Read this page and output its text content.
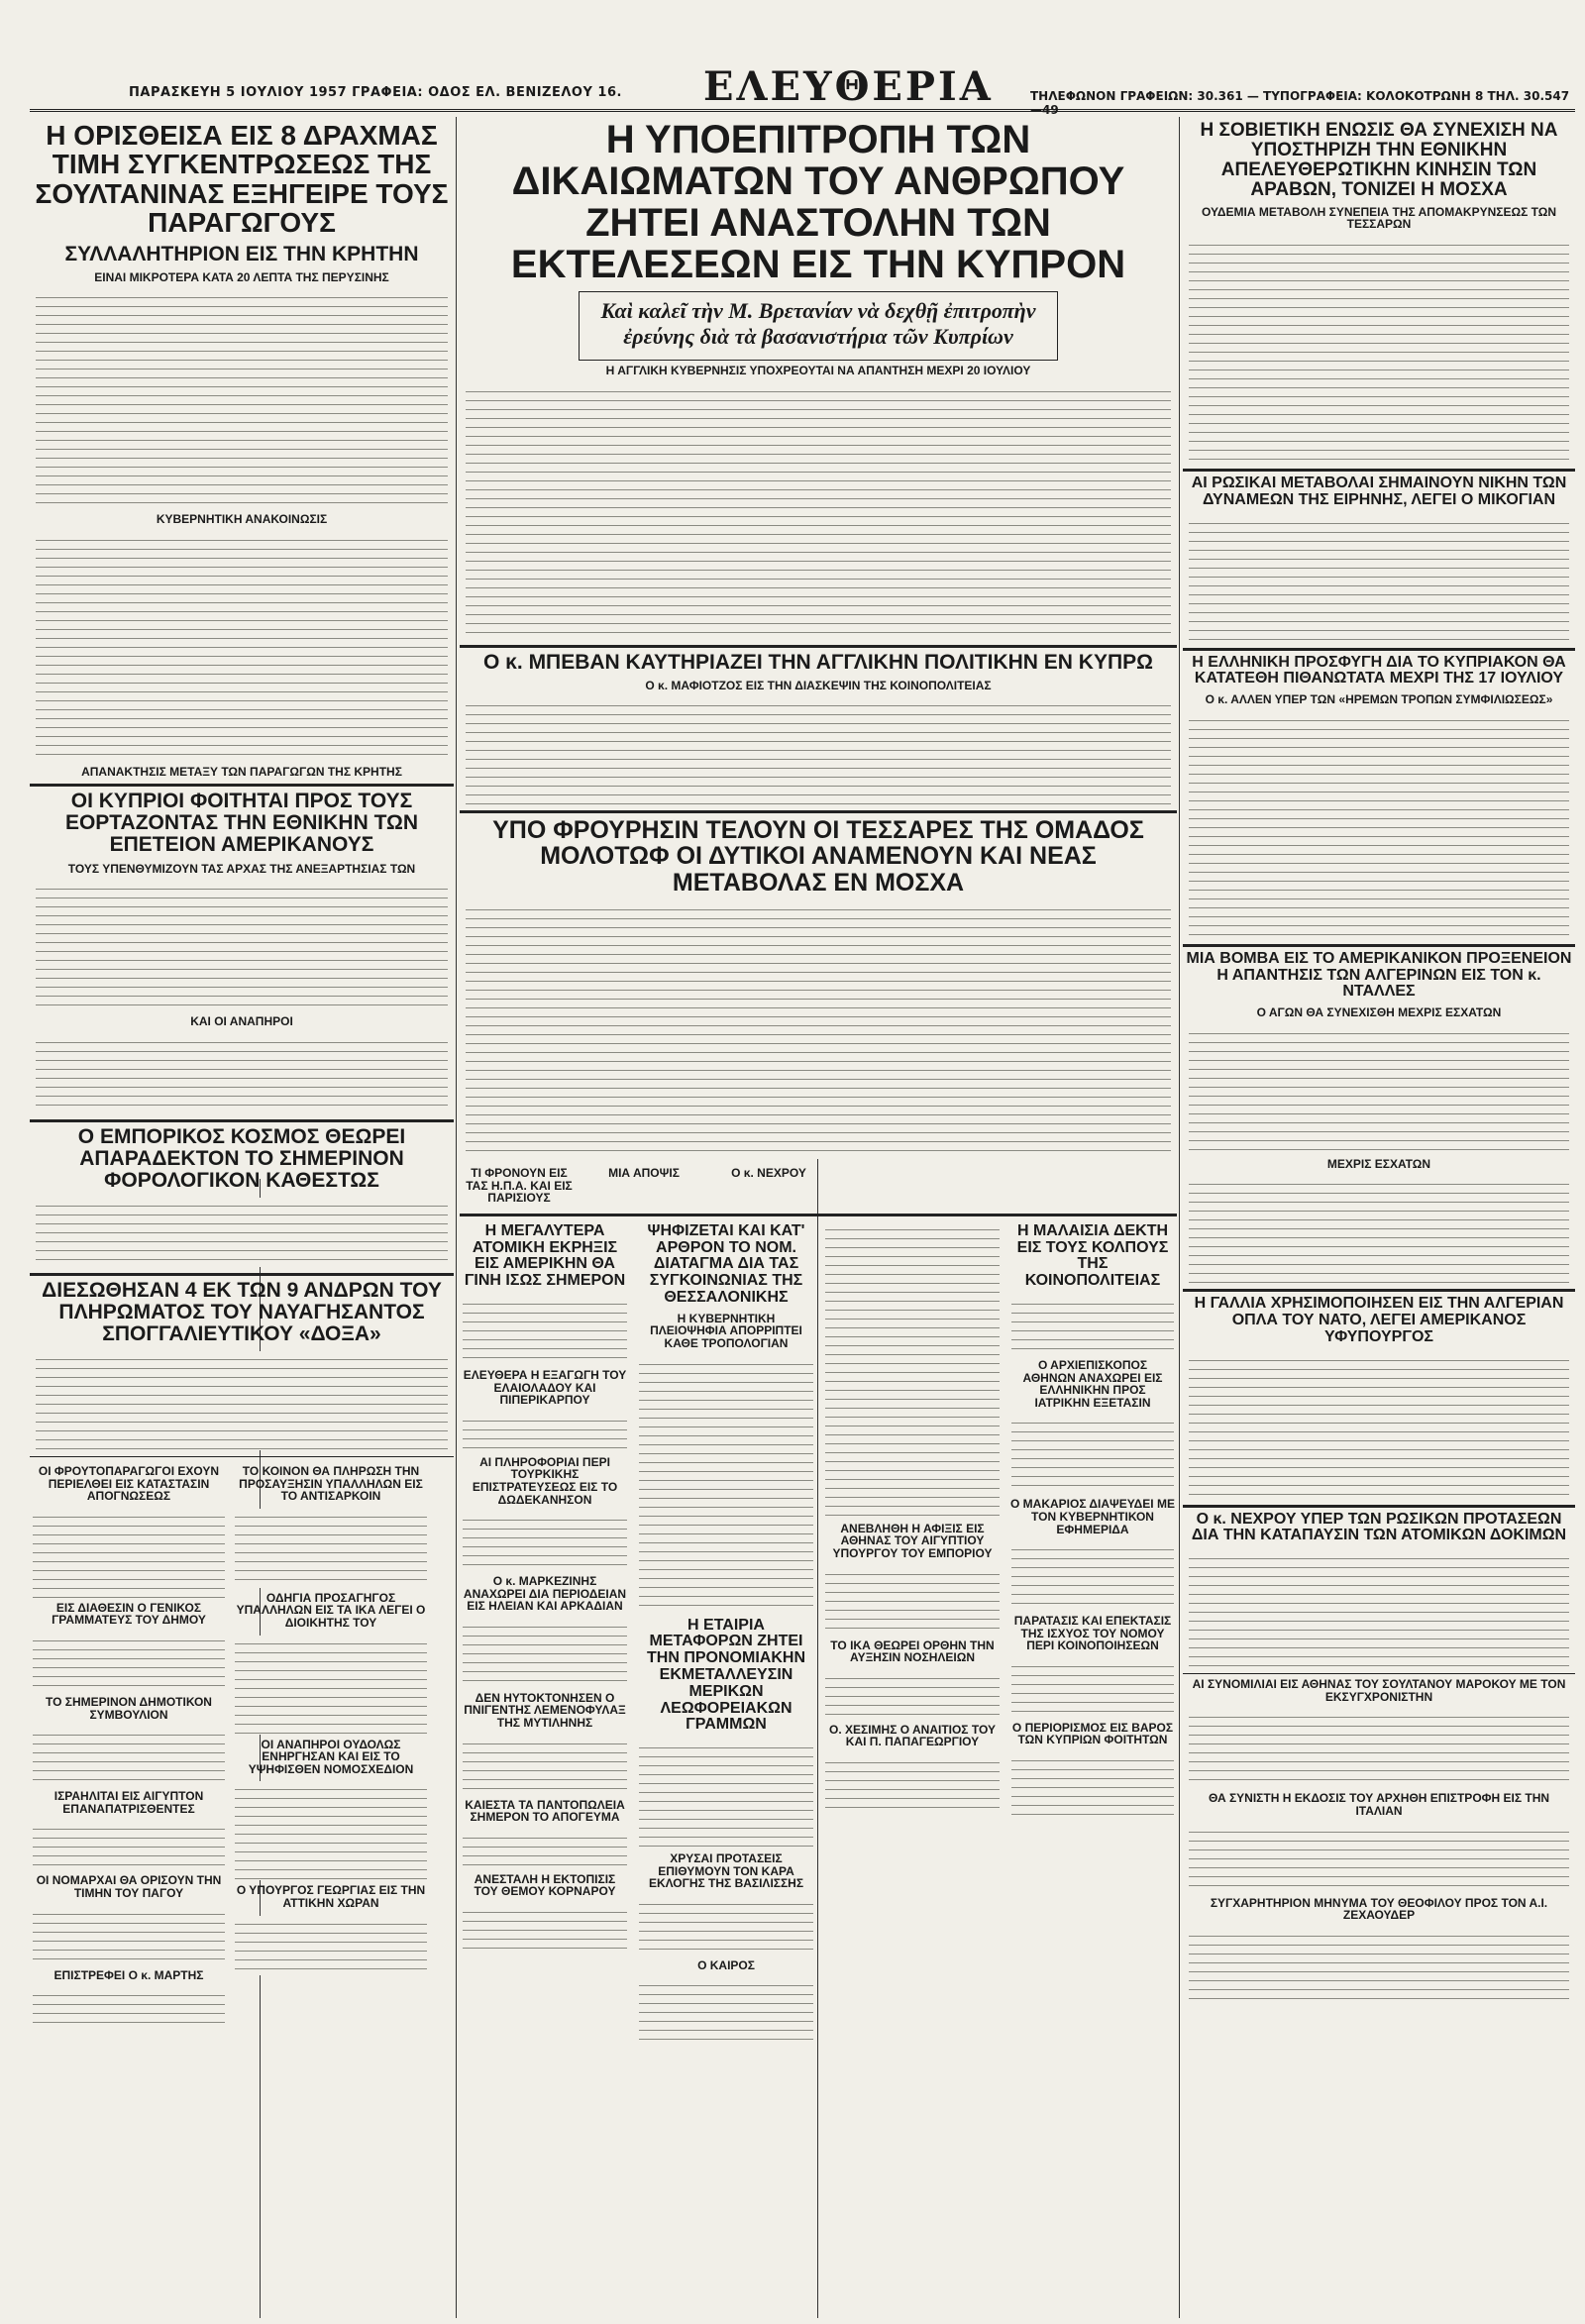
ΠΑΡΑΣΚΕΥΗ 5 ΙΟΥΛΙΟΥ 1957 ΓΡΑΦΕΙΑ: ΟΔΟΣ ΕΛ. ΒΕΝΙΖΕΛΟΥ 16. ΕΛΕΥΘΕΡΙΑ	ΤΗΛΕΦΩΝΟΝ ΓΡΑΦΕΙΩΝ: 30.361 — ΤΥΠΟΓΡΑΦΕΙΑ: ΚΟΛΟΚΟΤΡΩΝΗ 8 ΤΗΛ. 30.547—49
Η ΟΡΙΣΘΕΙΣΑ ΕΙΣ 8 ΔΡΑΧΜΑΣ ΤΙΜΗ ΣΥΓΚΕΝΤΡΩΣΕΩΣ ΤΗΣ ΣΟΥΛΤΑΝΙΝΑΣ ΕΞΗΓΕΙΡΕ ΤΟΥΣ ΠΑΡΑΓΩΓΟΥΣ
ΣΥΛΛΑΛΗΤΗΡΙΟΝ ΕΙΣ ΤΗΝ ΚΡΗΤΗΝ
ΕΙΝΑΙ ΜΙΚΡΟΤΕΡΑ ΚΑΤΑ 20 ΛΕΠΤΑ ΤΗΣ ΠΕΡΥΣΙΝΗΣ
ΚΥΒΕΡΝΗΤΙΚΗ ΑΝΑΚΟΙΝΩΣΙΣ
ΑΠΑΝΑΚΤΗΣΙΣ ΜΕΤΑΞΥ ΤΩΝ ΠΑΡΑΓΩΓΩΝ ΤΗΣ ΚΡΗΤΗΣ
ΟΙ ΚΥΠΡΙΟΙ ΦΟΙΤΗΤΑΙ ΠΡΟΣ ΤΟΥΣ ΕΟΡΤΑΖΟΝΤΑΣ ΤΗΝ ΕΘΝΙΚΗΝ ΤΩΝ ΕΠΕΤΕΙΟΝ ΑΜΕΡΙΚΑΝΟΥΣ
ΤΟΥΣ ΥΠΕΝΘΥΜΙΖΟΥΝ ΤΑΣ ΑΡΧΑΣ ΤΗΣ ΑΝΕΞΑΡΤΗΣΙΑΣ ΤΩΝ
ΚΑΙ ΟΙ ΑΝΑΠΗΡΟΙ
Ο ΕΜΠΟΡΙΚΟΣ ΚΟΣΜΟΣ ΘΕΩΡΕΙ ΑΠΑΡΑΔΕΚΤΟΝ ΤΟ ΣΗΜΕΡΙΝΟΝ ΦΟΡΟΛΟΓΙΚΟΝ ΚΑΘΕΣΤΩΣ
ΔΙΕΣΩΘΗΣΑΝ 4 ΕΚ ΤΩΝ 9 ΑΝΔΡΩΝ ΤΟΥ ΠΛΗΡΩΜΑΤΟΣ ΤΟΥ ΝΑΥΑΓΗΣΑΝΤΟΣ ΣΠΟΓΓΑΛΙΕΥΤΙΚΟΥ «ΔΟΞΑ»
ΟΙ ΦΡΟΥΤΟΠΑΡΑΓΩΓΟΙ ΕΧΟΥΝ ΠΕΡΙΕΛΘΕΙ ΕΙΣ ΚΑΤΑΣΤΑΣΙΝ ΑΠΟΓΝΩΣΕΩΣ
ΕΙΣ ΔΙΑΘΕΣΙΝ Ο ΓΕΝΙΚΟΣ ΓΡΑΜΜΑΤΕΥΣ ΤΟΥ ΔΗΜΟΥ
ΤΟ ΣΗΜΕΡΙΝΟΝ ΔΗΜΟΤΙΚΟΝ ΣΥΜΒΟΥΛΙΟΝ
ΙΣΡΑΗΛΙΤΑΙ ΕΙΣ ΑΙΓΥΠΤΟΝ ΕΠΑΝΑΠΑΤΡΙΣΘΕΝΤΕΣ
ΟΙ ΝΟΜΑΡΧΑΙ ΘΑ ΟΡΙΣΟΥΝ ΤΗΝ ΤΙΜΗΝ ΤΟΥ ΠΑΓΟΥ
ΕΠΙΣΤΡΕΦΕΙ Ο κ. ΜΑΡΤΗΣ
ΤΟ ΚΟΙΝΟΝ ΘΑ ΠΛΗΡΩΣΗ ΤΗΝ ΠΡΟΣΑΥΞΗΣΙΝ ΥΠΑΛΛΗΛΩΝ ΕΙΣ ΤΟ ΑΝΤΙΣΑΡΚΟΙΝ
ΟΔΗΓΙΑ ΠΡΟΣΑΓΗΓΟΣ ΥΠΑΛΛΗΛΩΝ ΕΙΣ ΤΑ ΙΚΑ ΛΕΓΕΙ Ο ΔΙΟΙΚΗΤΗΣ ΤΟΥ
ΟΙ ΑΝΑΠΗΡΟΙ ΟΥΔΟΛΩΣ ΕΝΗΡΓΗΣΑΝ ΚΑΙ ΕΙΣ ΤΟ ΥΨΗΦΙΣΘΕΝ ΝΟΜΟΣΧΕΔΙΟΝ
Ο ΥΠΟΥΡΓΟΣ ΓΕΩΡΓΙΑΣ ΕΙΣ ΤΗΝ ΑΤΤΙΚΗΝ ΧΩΡΑΝ
Η ΥΠΟΕΠΙΤΡΟΠΗ ΤΩΝ ΔΙΚΑΙΩΜΑΤΩΝ ΤΟΥ ΑΝΘΡΩΠΟΥ ΖΗΤΕΙ ΑΝΑΣΤΟΛΗΝ ΤΩΝ ΕΚΤΕΛΕΣΕΩΝ ΕΙΣ ΤΗΝ ΚΥΠΡΟΝ
Καὶ καλεῖ τὴν Μ. Βρετανίαν νὰ δεχθῇ ἐπιτροπὴν ἐρεύνης διὰ τὰ βασανιστήρια τῶν Κυπρίων
Η ΑΓΓΛΙΚΗ ΚΥΒΕΡΝΗΣΙΣ ΥΠΟΧΡΕΟΥΤΑΙ ΝΑ ΑΠΑΝΤΗΣΗ ΜΕΧΡΙ 20 ΙΟΥΛΙΟΥ
Ο κ. ΜΠΕΒΑΝ ΚΑΥΤΗΡΙΑΖΕΙ ΤΗΝ ΑΓΓΛΙΚΗΝ ΠΟΛΙΤΙΚΗΝ ΕΝ ΚΥΠΡΩ
Ο κ. ΜΑΦΙΟΤΖΟΣ ΕΙΣ ΤΗΝ ΔΙΑΣΚΕΨΙΝ ΤΗΣ ΚΟΙΝΟΠΟΛΙΤΕΙΑΣ
ΥΠΟ ΦΡΟΥΡΗΣΙΝ ΤΕΛΟΥΝ ΟΙ ΤΕΣΣΑΡΕΣ ΤΗΣ ΟΜΑΔΟΣ ΜΟΛΟΤΩΦ ΟΙ ΔΥΤΙΚΟΙ ΑΝΑΜΕΝΟΥΝ ΚΑΙ ΝΕΑΣ ΜΕΤΑΒΟΛΑΣ ΕΝ ΜΟΣΧΑ
ΤΙ ΦΡΟΝΟΥΝ ΕΙΣ ΤΑΣ Η.Π.Α. ΚΑΙ ΕΙΣ ΠΑΡΙΣΙΟΥΣ
ΜΙΑ ΑΠΟΨΙΣ	Ο κ. ΝΕΧΡΟΥ
Η ΜΕΓΑΛΥΤΕΡΑ ΑΤΟΜΙΚΗ ΕΚΡΗΞΙΣ ΕΙΣ ΑΜΕΡΙΚΗΝ ΘΑ ΓΙΝΗ ΙΣΩΣ ΣΗΜΕΡΟΝ
ΕΛΕΥΘΕΡΑ Η ΕΞΑΓΩΓΗ ΤΟΥ ΕΛΑΙΟΛΑΔΟΥ ΚΑΙ ΠΙΠΕΡΙΚΑΡΠΟΥ
ΑΙ ΠΛΗΡΟΦΟΡΙΑΙ ΠΕΡΙ ΤΟΥΡΚΙΚΗΣ ΕΠΙΣΤΡΑΤΕΥΣΕΩΣ ΕΙΣ ΤΟ ΔΩΔΕΚΑΝΗΣΟΝ
Ο κ. ΜΑΡΚΕΖΙΝΗΣ ΑΝΑΧΩΡΕΙ ΔΙΑ ΠΕΡΙΟΔΕΙΑΝ ΕΙΣ ΗΛΕΙΑΝ ΚΑΙ ΑΡΚΑΔΙΑΝ
ΔΕΝ ΗΥΤΟΚΤΟΝΗΣΕΝ Ο ΠΝΙΓΕΝΤΗΣ ΛΕΜΕΝΟΦΥΛΑΞ ΤΗΣ ΜΥΤΙΛΗΝΗΣ
ΚΑΙΕΣΤΑ ΤΑ ΠΑΝΤΟΠΩΛΕΙΑ ΣΗΜΕΡΟΝ ΤΟ ΑΠΟΓΕΥΜΑ
ΑΝΕΣΤΑΛΗ Η ΕΚΤΟΠΙΣΙΣ ΤΟΥ ΘΕΜΟΥ ΚΟΡΝΑΡΟΥ
ΨΗΦΙΖΕΤΑΙ ΚΑΙ ΚΑΤ' ΑΡΘΡΟΝ ΤΟ ΝΟΜ. ΔΙΑΤΑΓΜΑ ΔΙΑ ΤΑΣ ΣΥΓΚΟΙΝΩΝΙΑΣ ΤΗΣ ΘΕΣΣΑΛΟΝΙΚΗΣ
Η ΚΥΒΕΡΝΗΤΙΚΗ ΠΛΕΙΟΨΗΦΙΑ ΑΠΟΡΡΙΠΤΕΙ ΚΑΘΕ ΤΡΟΠΟΛΟΓΙΑΝ
Η ΕΤΑΙΡΙΑ ΜΕΤΑΦΟΡΩΝ ΖΗΤΕΙ ΤΗΝ ΠΡΟΝΟΜΙΑΚΗΝ ΕΚΜΕΤΑΛΛΕΥΣΙΝ ΜΕΡΙΚΩΝ ΛΕΩΦΟΡΕΙΑΚΩΝ ΓΡΑΜΜΩΝ
ΧΡΥΣΑΙ ΠΡΟΤΑΣΕΙΣ ΕΠΙΘΥΜΟΥΝ ΤΟΝ ΚΑΡΑ ΕΚΛΟΓΗΣ ΤΗΣ ΒΑΣΙΛΙΣΣΗΣ
Ο ΚΑΙΡΟΣ
ΑΝΕΒΛΗΘΗ Η ΑΦΙΞΙΣ ΕΙΣ ΑΘΗΝΑΣ ΤΟΥ ΑΙΓΥΠΤΙΟΥ ΥΠΟΥΡΓΟΥ ΤΟΥ ΕΜΠΟΡΙΟΥ
ΤΟ ΙΚΑ ΘΕΩΡΕΙ ΟΡΘΗΝ ΤΗΝ ΑΥΞΗΣΙΝ ΝΟΣΗΛΕΙΩΝ
Ο. ΧΕΣΙΜΗΣ Ο ΑΝΑΙΤΙΟΣ ΤΟΥ ΚΑΙ Π. ΠΑΠΑΓΕΩΡΓΙΟΥ
Η ΜΑΛΑΙΣΙΑ ΔΕΚΤΗ ΕΙΣ ΤΟΥΣ ΚΟΛΠΟΥΣ ΤΗΣ ΚΟΙΝΟΠΟΛΙΤΕΙΑΣ
Ο ΑΡΧΙΕΠΙΣΚΟΠΟΣ ΑΘΗΝΩΝ ΑΝΑΧΩΡΕΙ ΕΙΣ ΕΛΛΗΝΙΚΗΝ ΠΡΟΣ ΙΑΤΡΙΚΗΝ ΕΞΕΤΑΣΙΝ
Ο ΜΑΚΑΡΙΟΣ ΔΙΑΨΕΥΔΕΙ ΜΕ ΤΟΝ ΚΥΒΕΡΝΗΤΙΚΟΝ ΕΦΗΜΕΡΙΔΑ
ΠΑΡΑΤΑΣΙΣ ΚΑΙ ΕΠΕΚΤΑΣΙΣ ΤΗΣ ΙΣΧΥΟΣ ΤΟΥ ΝΟΜΟΥ ΠΕΡΙ ΚΟΙΝΟΠΟΙΗΣΕΩΝ
Ο ΠΕΡΙΟΡΙΣΜΟΣ ΕΙΣ ΒΑΡΟΣ ΤΩΝ ΚΥΠΡΙΩΝ ΦΟΙΤΗΤΩΝ
Η ΣΟΒΙΕΤΙΚΗ ΕΝΩΣΙΣ ΘΑ ΣΥΝΕΧΙΣΗ ΝΑ ΥΠΟΣΤΗΡΙΖΗ ΤΗΝ ΕΘΝΙΚΗΝ ΑΠΕΛΕΥΘΕΡΩΤΙΚΗΝ ΚΙΝΗΣΙΝ ΤΩΝ ΑΡΑΒΩΝ, ΤΟΝΙΖΕΙ Η ΜΟΣΧΑ
ΟΥΔΕΜΙΑ ΜΕΤΑΒΟΛΗ ΣΥΝΕΠΕΙΑ ΤΗΣ ΑΠΟΜΑΚΡΥΝΣΕΩΣ ΤΩΝ ΤΕΣΣΑΡΩΝ
ΑΙ ΡΩΣΙΚΑΙ ΜΕΤΑΒΟΛΑΙ ΣΗΜΑΙΝΟΥΝ ΝΙΚΗΝ ΤΩΝ ΔΥΝΑΜΕΩΝ ΤΗΣ ΕΙΡΗΝΗΣ, ΛΕΓΕΙ Ο ΜΙΚΟΓΙΑΝ
Η ΕΛΛΗΝΙΚΗ ΠΡΟΣΦΥΓΗ ΔΙΑ ΤΟ ΚΥΠΡΙΑΚΟΝ ΘΑ ΚΑΤΑΤΕΘΗ ΠΙΘΑΝΩΤΑΤΑ ΜΕΧΡΙ ΤΗΣ 17 ΙΟΥΛΙΟΥ
Ο κ. ΑΛΛΕΝ ΥΠΕΡ ΤΩΝ «ΗΡΕΜΩΝ ΤΡΟΠΩΝ ΣΥΜΦΙΛΙΩΣΕΩΣ»
ΜΙΑ ΒΟΜΒΑ ΕΙΣ ΤΟ ΑΜΕΡΙΚΑΝΙΚΟΝ ΠΡΟΞΕΝΕΙΟΝ Η ΑΠΑΝΤΗΣΙΣ ΤΩΝ ΑΛΓΕΡΙΝΩΝ ΕΙΣ ΤΟΝ κ. ΝΤΑΛΛΕΣ
Ο ΑΓΩΝ ΘΑ ΣΥΝΕΧΙΣΘΗ ΜΕΧΡΙΣ ΕΣΧΑΤΩΝ
ΜΕΧΡΙΣ ΕΣΧΑΤΩΝ
Η ΓΑΛΛΙΑ ΧΡΗΣΙΜΟΠΟΙΗΣΕΝ ΕΙΣ ΤΗΝ ΑΛΓΕΡΙΑΝ ΟΠΛΑ ΤΟΥ ΝΑΤΟ, ΛΕΓΕΙ ΑΜΕΡΙΚΑΝΟΣ ΥΦΥΠΟΥΡΓΟΣ
Ο κ. ΝΕΧΡΟΥ ΥΠΕΡ ΤΩΝ ΡΩΣΙΚΩΝ ΠΡΟΤΑΣΕΩΝ ΔΙΑ ΤΗΝ ΚΑΤΑΠΑΥΣΙΝ ΤΩΝ ΑΤΟΜΙΚΩΝ ΔΟΚΙΜΩΝ
ΑΙ ΣΥΝΟΜΙΛΙΑΙ ΕΙΣ ΑΘΗΝΑΣ ΤΟΥ ΣΟΥΛΤΑΝΟΥ ΜΑΡΟΚΟΥ ΜΕ ΤΟΝ ΕΚΣΥΓΧΡΟΝΙΣΤΗΝ
ΘΑ ΣΥΝΙΣΤΗ Η ΕΚΔΟΣΙΣ ΤΟΥ ΑΡΧΗΘΗ ΕΠΙΣΤΡΟΦΗ ΕΙΣ ΤΗΝ ΙΤΑΛΙΑΝ
ΣΥΓΧΑΡΗΤΗΡΙΟΝ ΜΗΝΥΜΑ ΤΟΥ ΘΕΟΦΙΛΟΥ ΠΡΟΣ ΤΟΝ Α.Ι. ΖΕΧΑΟΥΔΕΡ
